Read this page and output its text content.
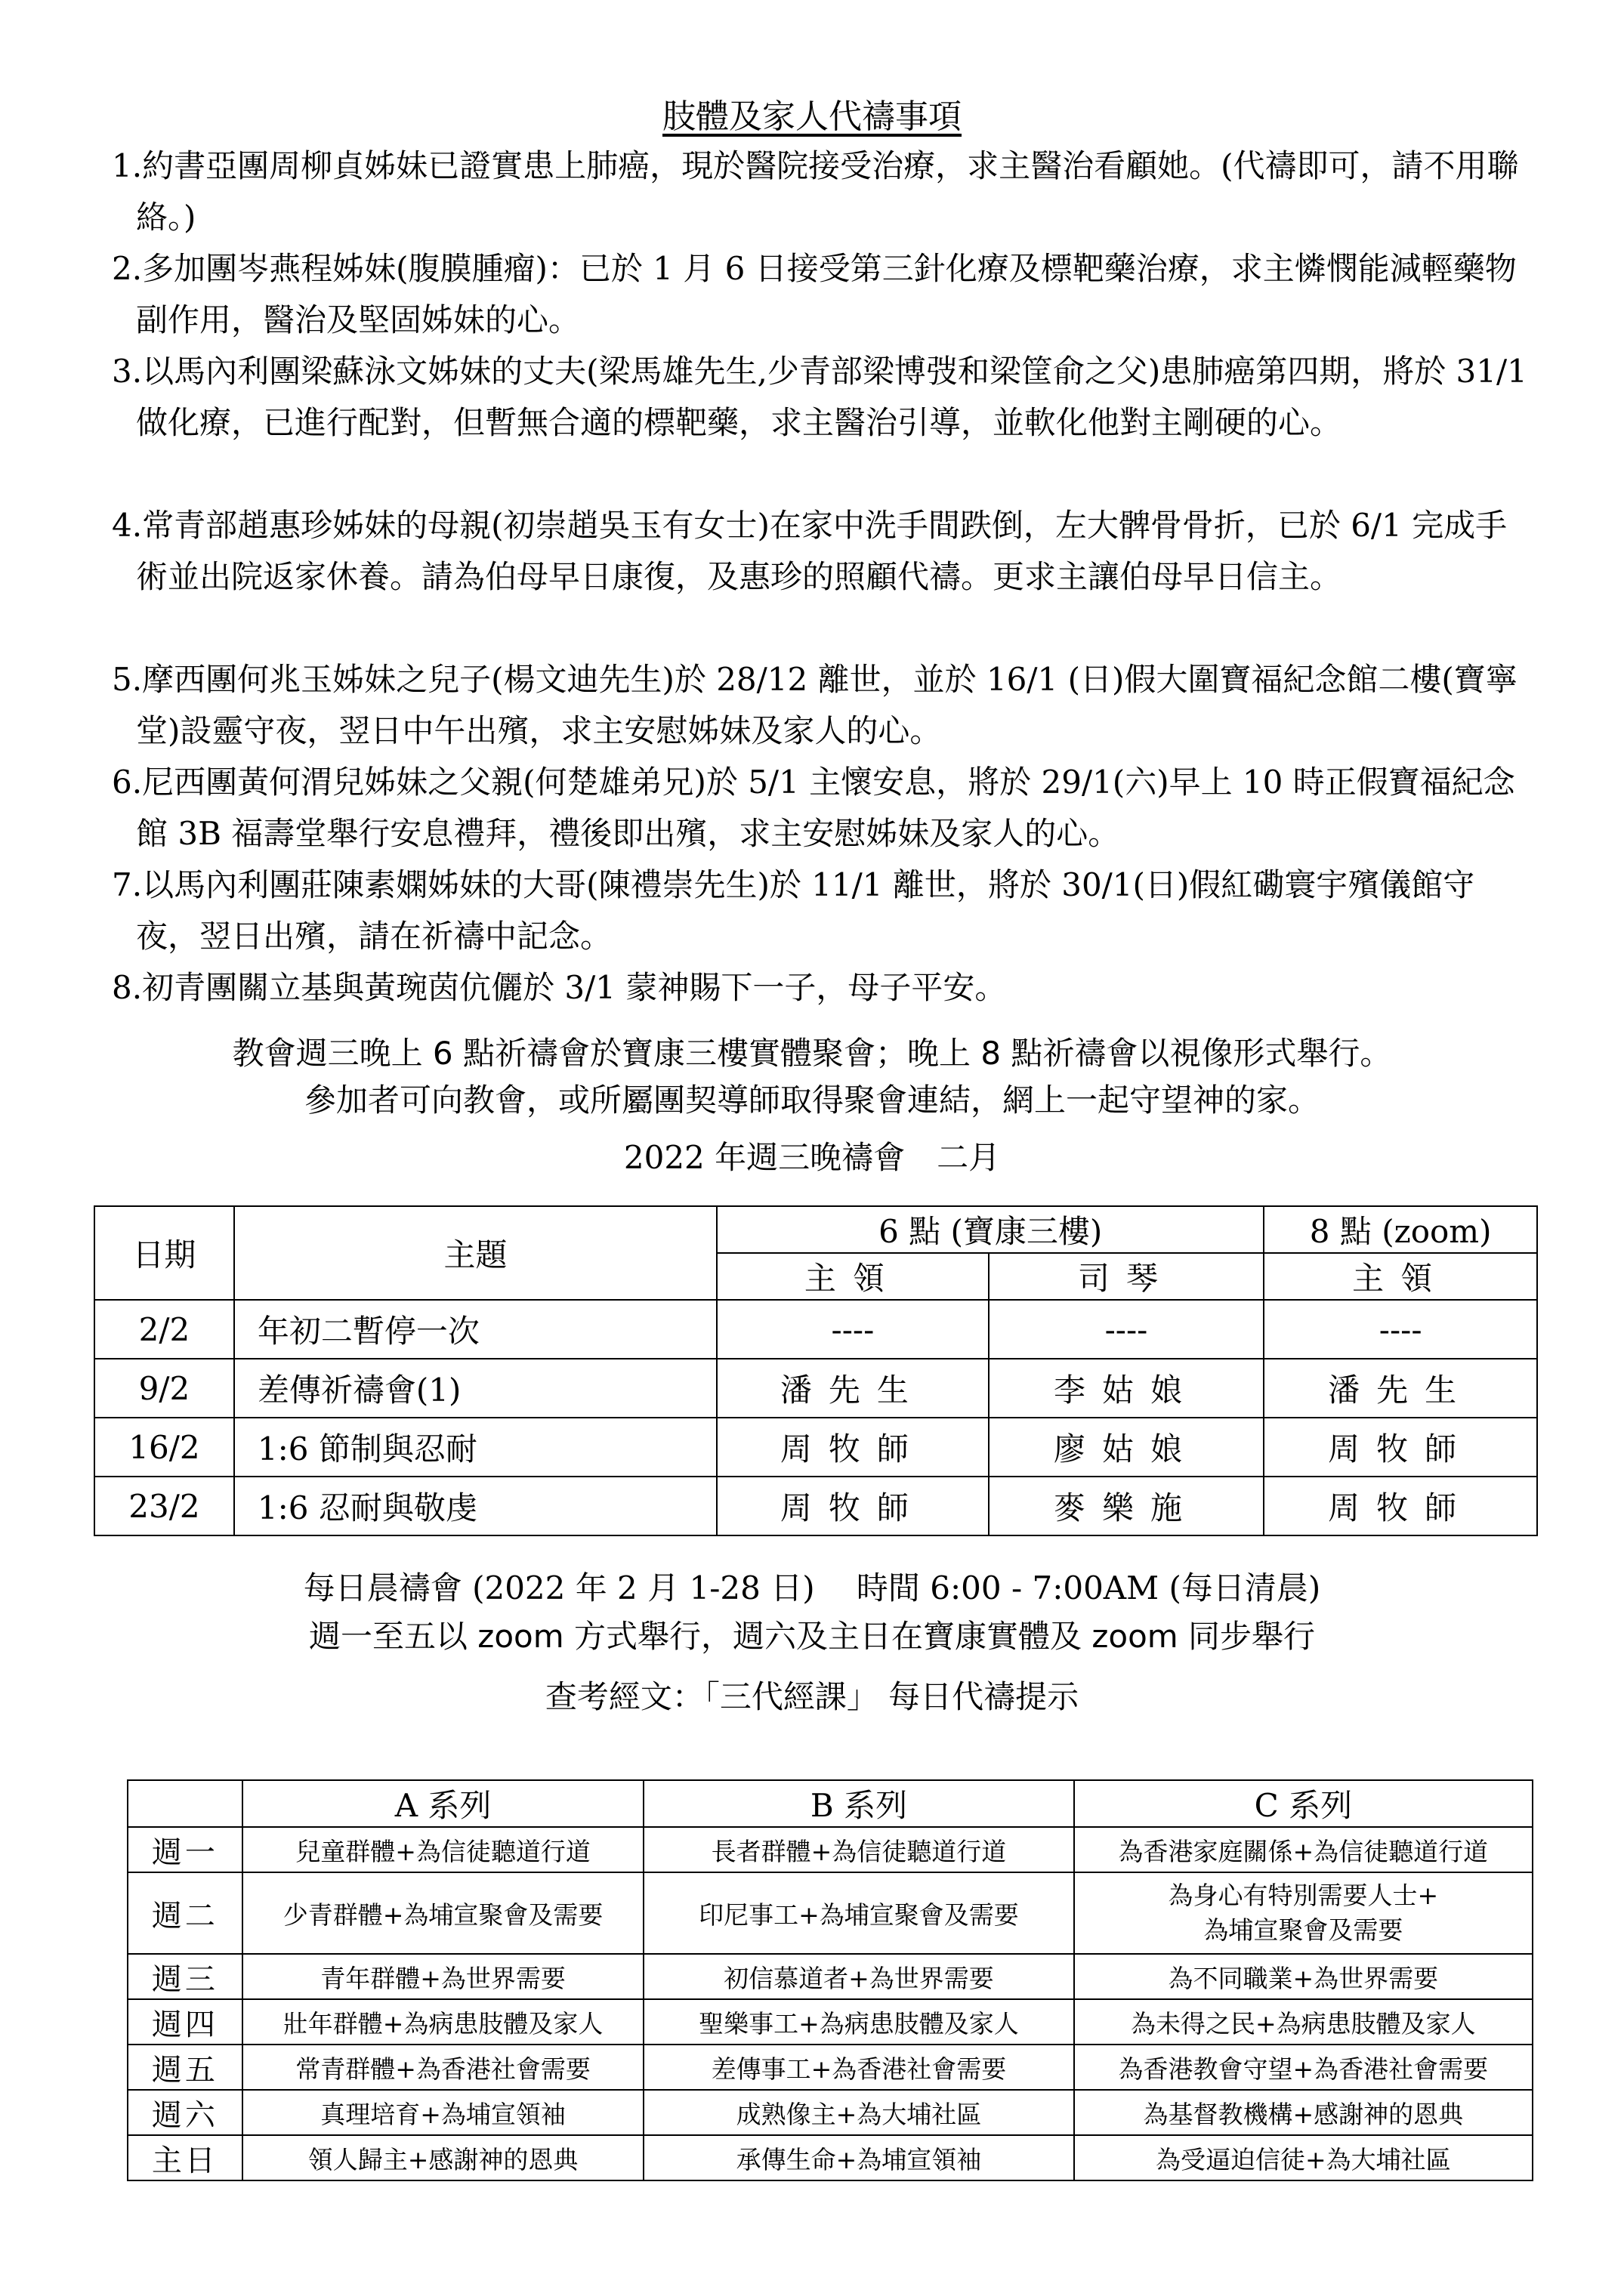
肢體及家人代禱事項
1.約書亞團周柳貞姊妹已證實患上肺癌，現於醫院接受治療，求主醫治看顧她。(代禱即可，請不用聯絡。)
2.多加團岑燕程姊妹(腹膜腫瘤)：已於 1 月 6 日接受第三針化療及標靶藥治療，求主憐憫能減輕藥物副作用，醫治及堅固姊妹的心。
3.以馬內利團梁蘇泳文姊妹的丈夫(梁馬雄先生,少青部梁博弢和梁筐俞之父)患肺癌第四期，將於 31/1 做化療，已進行配對，但暫無合適的標靶藥，求主醫治引導，並軟化他對主剛硬的心。
4.常青部趙惠珍姊妹的母親(初崇趙吳玉有女士)在家中洗手間跌倒，左大髀骨骨折，已於 6/1 完成手術並出院返家休養。請為伯母早日康復，及惠珍的照顧代禱。更求主讓伯母早日信主。
5.摩西團何兆玉姊妹之兒子(楊文迪先生)於 28/12 離世，並於 16/1 (日)假大圍寶福紀念館二樓(寶寧堂)設靈守夜，翌日中午出殯，求主安慰姊妹及家人的心。
6.尼西團黃何渭兒姊妹之父親(何楚雄弟兄)於 5/1 主懷安息，將於 29/1(六)早上 10 時正假寶福紀念館 3B 福壽堂舉行安息禮拜，禮後即出殯，求主安慰姊妹及家人的心。
7.以馬內利團莊陳素嫻姊妹的大哥(陳禮崇先生)於 11/1 離世，將於 30/1(日)假紅磡寰宇殯儀館守夜，翌日出殯，請在祈禱中記念。
8.初青團關立基與黃琬茵伉儷於 3/1 蒙神賜下一子，母子平安。
教會週三晚上 6 點祈禱會於寶康三樓實體聚會；晚上 8 點祈禱會以視像形式舉行。
參加者可向教會，或所屬團契導師取得聚會連結，網上一起守望神的家。
2022 年週三晚禱會　二月
日期	主題	6 點 (寶康三樓)		8 點 (zoom)
		主領	司琴	主領
2/2	年初二暫停一次	----	----	----
9/2	差傳祈禱會(1)	潘先生	李姑娘	潘先生
16/2	1:6 節制與忍耐	周牧師	廖姑娘	周牧師
23/2	1:6 忍耐與敬虔	周牧師	麥樂施	周牧師
每日晨禱會 (2022 年 2 月 1-28 日)　 時間 6:00 - 7:00AM (每日清晨)
週一至五以 zoom 方式舉行，週六及主日在寶康實體及 zoom 同步舉行
查考經文：「三代經課」 每日代禱提示
	A 系列	B 系列	C 系列
週一	兒童群體+為信徒聽道行道	長者群體+為信徒聽道行道	為香港家庭關係+為信徒聽道行道
週二	少青群體+為埔宣聚會及需要	印尼事工+為埔宣聚會及需要	為身心有特別需要人士+
為埔宣聚會及需要
週三	青年群體+為世界需要	初信慕道者+為世界需要	為不同職業+為世界需要
週四	壯年群體+為病患肢體及家人	聖樂事工+為病患肢體及家人	為未得之民+為病患肢體及家人
週五	常青群體+為香港社會需要	差傳事工+為香港社會需要	為香港教會守望+為香港社會需要
週六	真理培育+為埔宣領袖	成熟像主+為大埔社區	為基督教機構+感謝神的恩典
主日	領人歸主+感謝神的恩典	承傳生命+為埔宣領袖	為受逼迫信徒+為大埔社區
